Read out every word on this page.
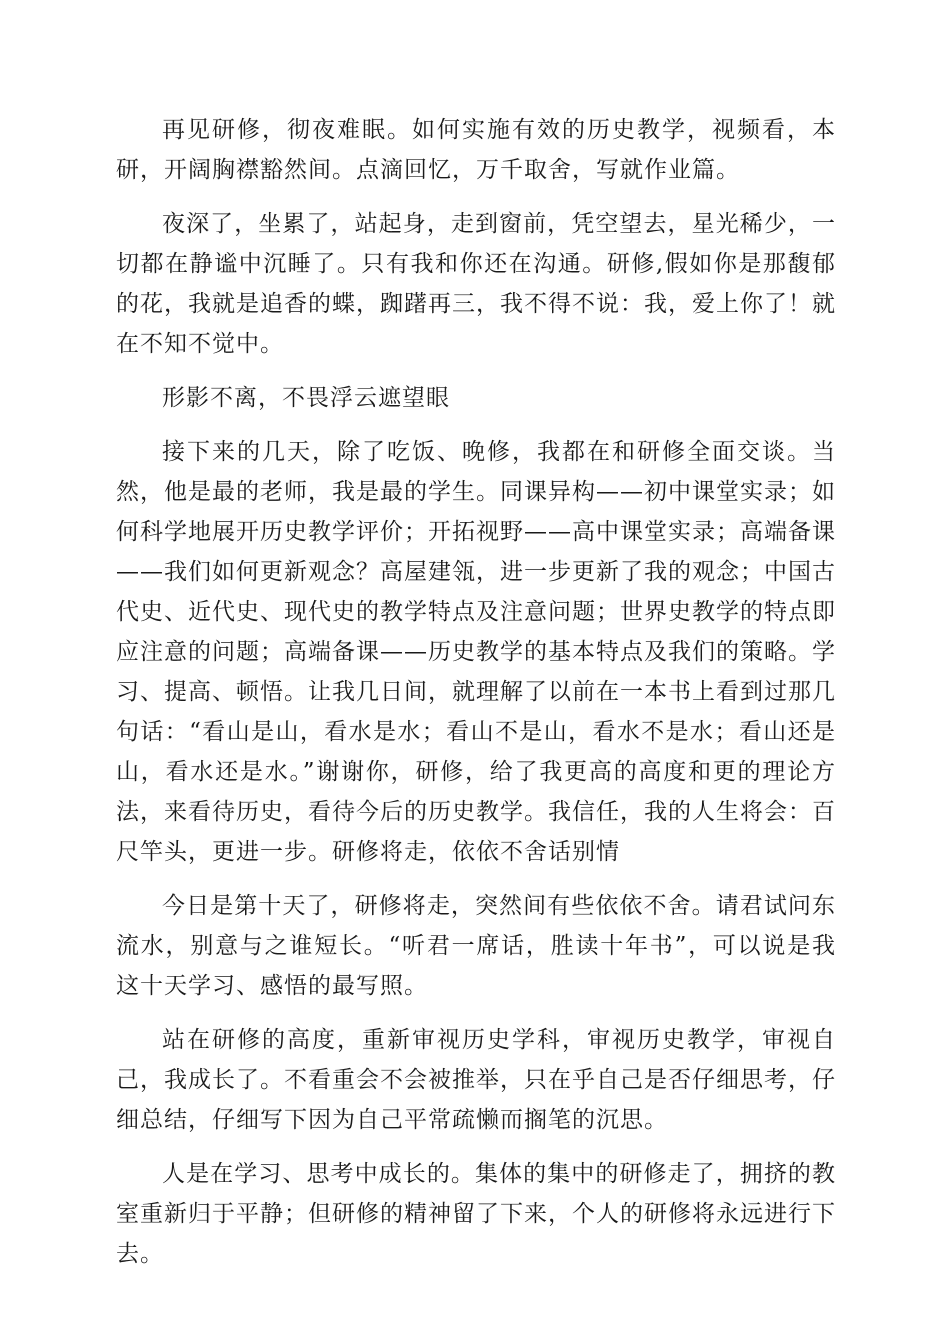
再见研修，彻夜难眠。如何实施有效的历史教学，视频看，本研，开阔胸襟豁然间。点滴回忆，万千取舍，写就作业篇。

夜深了，坐累了，站起身，走到窗前，凭空望去，星光稀少，一切都在静谧中沉睡了。只有我和你还在沟通。研修,假如你是那馥郁的花，我就是追香的蝶，踟躇再三，我不得不说：我，爱上你了！就在不知不觉中。

形影不离，不畏浮云遮望眼

接下来的几天，除了吃饭、晚修，我都在和研修全面交谈。当然，他是最的老师，我是最的学生。同课异构——初中课堂实录；如何科学地展开历史教学评价；开拓视野——高中课堂实录；高端备课——我们如何更新观念？高屋建瓴，进一步更新了我的观念；中国古代史、近代史、现代史的教学特点及注意问题；世界史教学的特点即应注意的问题；高端备课——历史教学的基本特点及我们的策略。学习、提高、顿悟。让我几日间，就理解了以前在一本书上看到过那几句话：“看山是山，看水是水；看山不是山，看水不是水；看山还是山，看水还是水。”谢谢你，研修，给了我更高的高度和更的理论方法，来看待历史，看待今后的历史教学。我信任，我的人生将会：百尺竿头，更进一步。研修将走，依依不舍话别情

今日是第十天了，研修将走，突然间有些依依不舍。请君试问东流水，别意与之谁短长。“听君一席话，胜读十年书”，可以说是我这十天学习、感悟的最写照。

站在研修的高度，重新审视历史学科，审视历史教学，审视自己，我成长了。不看重会不会被推举，只在乎自己是否仔细思考，仔细总结，仔细写下因为自己平常疏懒而搁笔的沉思。

人是在学习、思考中成长的。集体的集中的研修走了，拥挤的教室重新归于平静；但研修的精神留了下来，个人的研修将永远进行下去。
